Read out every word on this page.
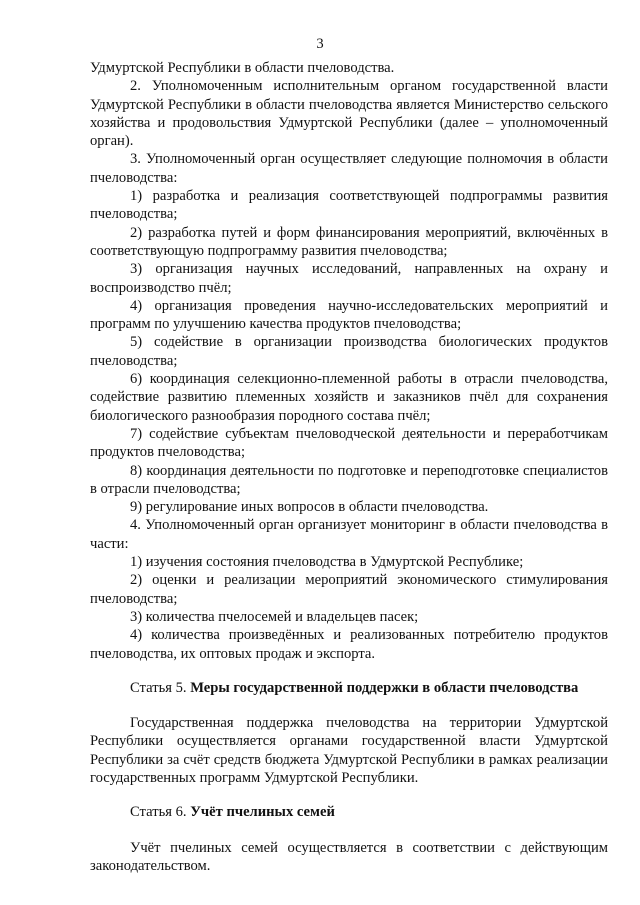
3

Удмуртской Республики в области пчеловодства.

2. Уполномоченным исполнительным органом государственной власти Удмуртской Республики в области пчеловодства является Министерство сельского хозяйства и продовольствия Удмуртской Республики (далее – уполномоченный орган).

3. Уполномоченный орган осуществляет следующие полномочия в области пчеловодства:

1) разработка и реализация соответствующей подпрограммы развития пчеловодства;

2) разработка путей и форм финансирования мероприятий, включённых в соответствующую подпрограмму развития пчеловодства;

3) организация научных исследований, направленных на охрану и воспроизводство пчёл;

4) организация проведения научно-исследовательских мероприятий и программ по улучшению качества продуктов пчеловодства;

5) содействие в организации производства биологических продуктов пчеловодства;

6) координация селекционно-племенной работы в отрасли пчеловодства, содействие развитию племенных хозяйств и заказников пчёл для сохранения биологического разнообразия породного состава пчёл;

7) содействие субъектам пчеловодческой деятельности и переработчикам продуктов пчеловодства;

8) координация деятельности по подготовке и переподготовке специалистов в отрасли пчеловодства;

9) регулирование иных вопросов в области пчеловодства.

4. Уполномоченный орган организует мониторинг в области пчеловодства в части:

1) изучения состояния пчеловодства в Удмуртской Республике;

2) оценки и реализации мероприятий экономического стимулирования пчеловодства;

3) количества пчелосемей и владельцев пасек;

4) количества произведённых и реализованных потребителю продуктов пчеловодства, их оптовых продаж и экспорта.

Статья 5. Меры государственной поддержки в области пчеловодства

Государственная поддержка пчеловодства на территории Удмуртской Республики осуществляется органами государственной власти Удмуртской Республики за счёт средств бюджета Удмуртской Республики в рамках реализации государственных программ Удмуртской Республики.

Статья 6. Учёт пчелиных семей

Учёт пчелиных семей осуществляется в соответствии с действующим законодательством.
